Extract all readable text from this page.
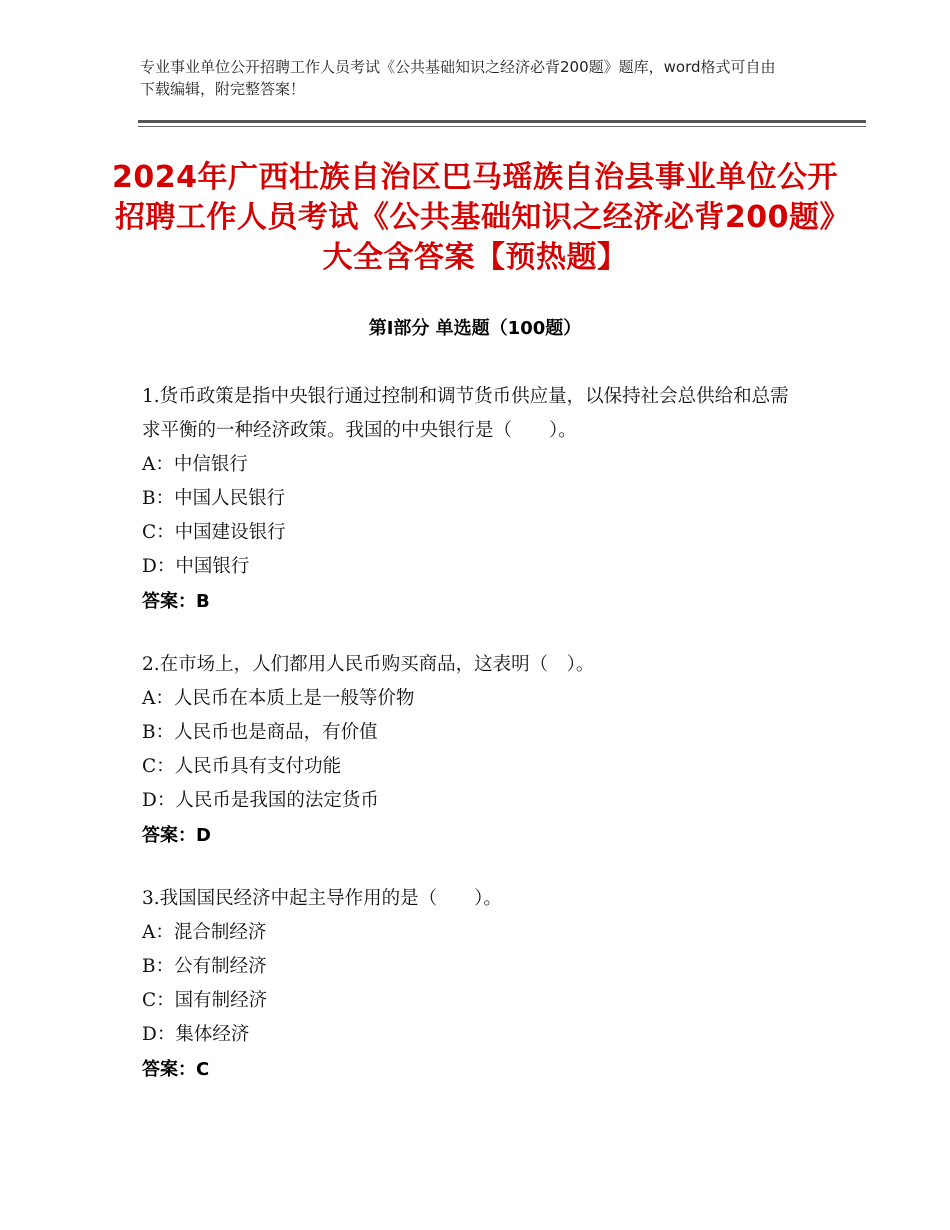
专业事业单位公开招聘工作人员考试《公共基础知识之经济必背200题》题库，word格式可自由下载编辑，附完整答案！
2024年广西壮族自治区巴马瑶族自治县事业单位公开招聘工作人员考试《公共基础知识之经济必背200题》大全含答案【预热题】
第Ⅰ部分 单选题（100题）
1.货币政策是指中央银行通过控制和调节货币供应量，以保持社会总供给和总需求平衡的一种经济政策。我国的中央银行是（　　）。
A：中信银行
B：中国人民银行
C：中国建设银行
D：中国银行
答案：B
2.在市场上，人们都用人民币购买商品，这表明（　）。
A：人民币在本质上是一般等价物
B：人民币也是商品，有价值
C：人民币具有支付功能
D：人民币是我国的法定货币
答案：D
3.我国国民经济中起主导作用的是（　　）。
A：混合制经济
B：公有制经济
C：国有制经济
D：集体经济
答案：C
